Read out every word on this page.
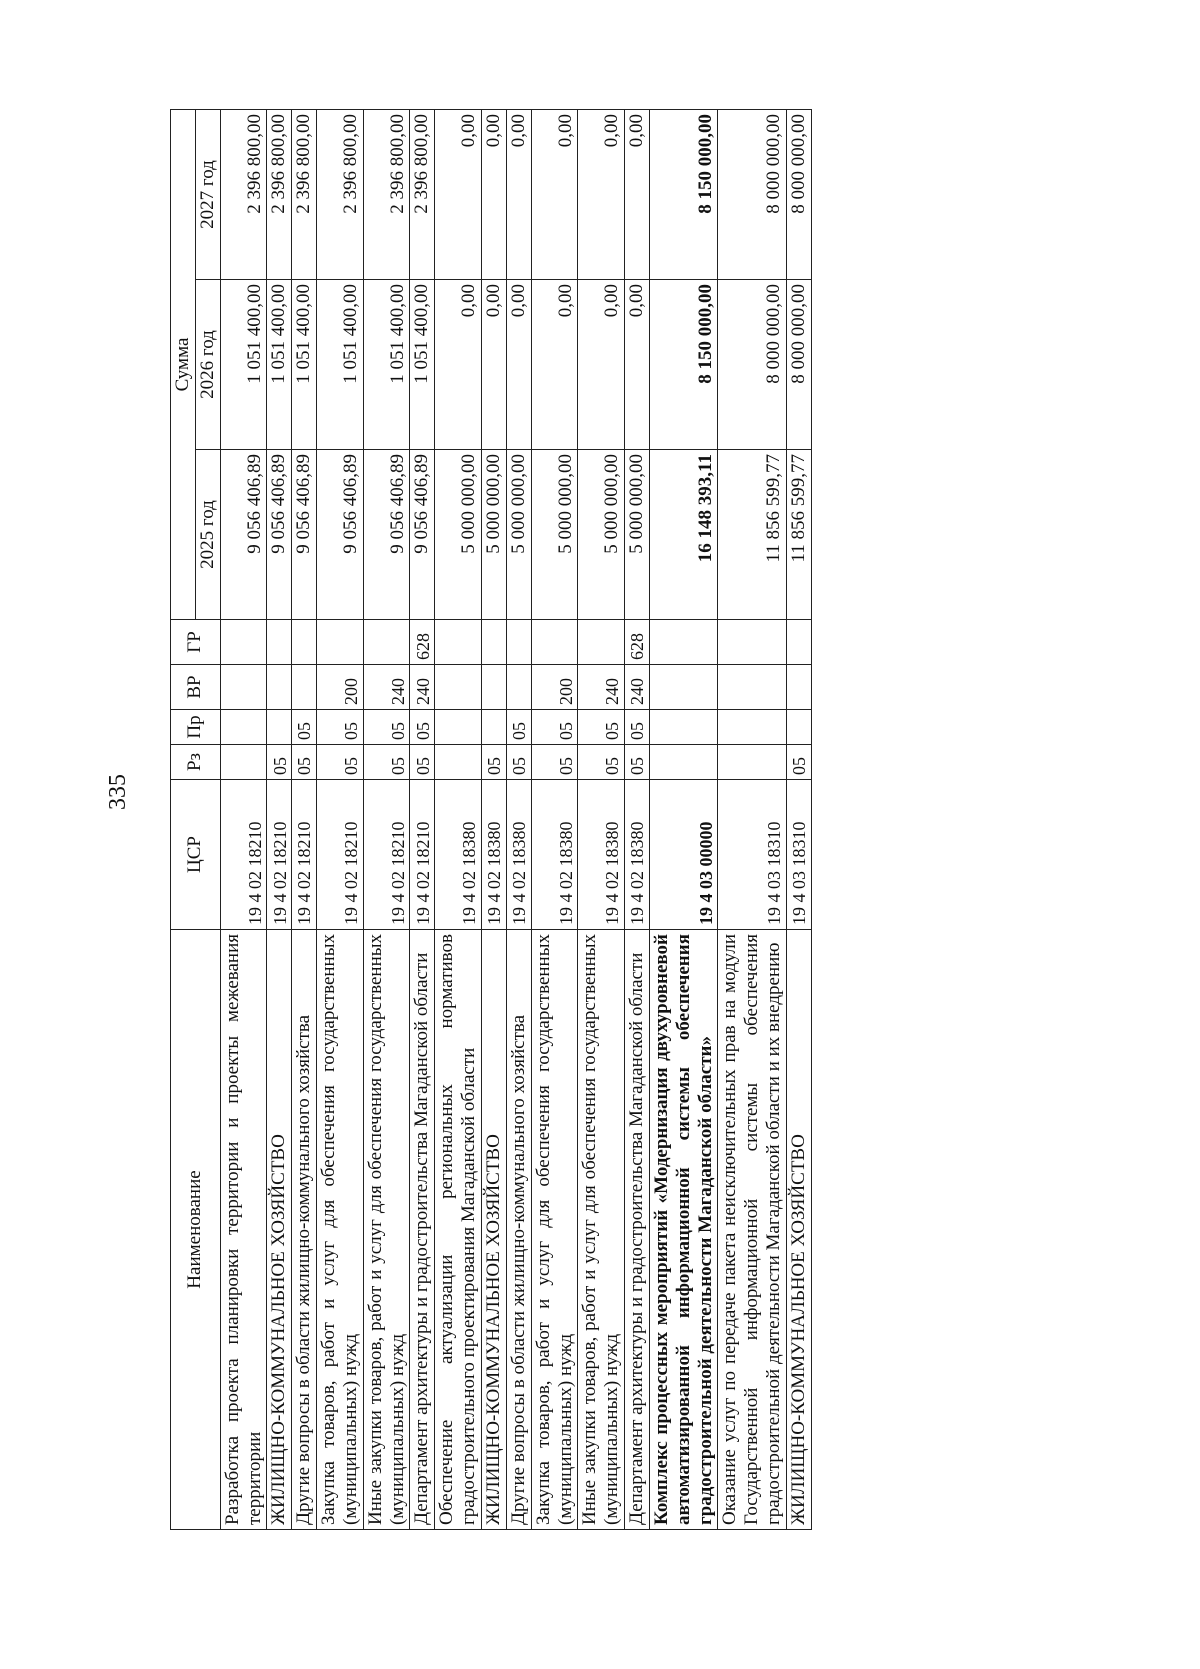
335
Наименование	ЦСР	Рз	Пр	ВР	ГР	Сумма		
						2025 год	2026 год	2027 год
Разработка проекта планировки территории и проекты межевания территории	19 4 02 18210					9 056 406,89	1 051 400,00	2 396 800,00
ЖИЛИЩНО-КОММУНАЛЬНОЕ ХОЗЯЙСТВО	19 4 02 18210	05				9 056 406,89	1 051 400,00	2 396 800,00
Другие вопросы в области жилищно-коммунального хозяйства	19 4 02 18210	05	05			9 056 406,89	1 051 400,00	2 396 800,00
Закупка товаров, работ и услуг для обеспечения государственных (муниципальных) нужд	19 4 02 18210	05	05	200		9 056 406,89	1 051 400,00	2 396 800,00
Иные закупки товаров, работ и услуг для обеспечения государственных (муниципальных) нужд	19 4 02 18210	05	05	240		9 056 406,89	1 051 400,00	2 396 800,00
Департамент архитектуры и градостроительства Магаданской области	19 4 02 18210	05	05	240	628	9 056 406,89	1 051 400,00	2 396 800,00
Обеспечение актуализации региональных нормативов градостроительного проектирования Магаданской области	19 4 02 18380					5 000 000,00	0,00	0,00
ЖИЛИЩНО-КОММУНАЛЬНОЕ ХОЗЯЙСТВО	19 4 02 18380	05				5 000 000,00	0,00	0,00
Другие вопросы в области жилищно-коммунального хозяйства	19 4 02 18380	05	05			5 000 000,00	0,00	0,00
Закупка товаров, работ и услуг для обеспечения государственных (муниципальных) нужд	19 4 02 18380	05	05	200		5 000 000,00	0,00	0,00
Иные закупки товаров, работ и услуг для обеспечения государственных (муниципальных) нужд	19 4 02 18380	05	05	240		5 000 000,00	0,00	0,00
Департамент архитектуры и градостроительства Магаданской области	19 4 02 18380	05	05	240	628	5 000 000,00	0,00	0,00
Комплекс процессных мероприятий «Модернизация двухуровневой автоматизированной информационной системы обеспечения градостроительной деятельности Магаданской области»	19 4 03 00000					16 148 393,11	8 150 000,00	8 150 000,00
Оказание услуг по передаче пакета неисключительных прав на модули Государственной информационной системы обеспечения градостроительной деятельности Магаданской области и их внедрению	19 4 03 18310					11 856 599,77	8 000 000,00	8 000 000,00
ЖИЛИЩНО-КОММУНАЛЬНОЕ ХОЗЯЙСТВО	19 4 03 18310	05				11 856 599,77	8 000 000,00	8 000 000,00
